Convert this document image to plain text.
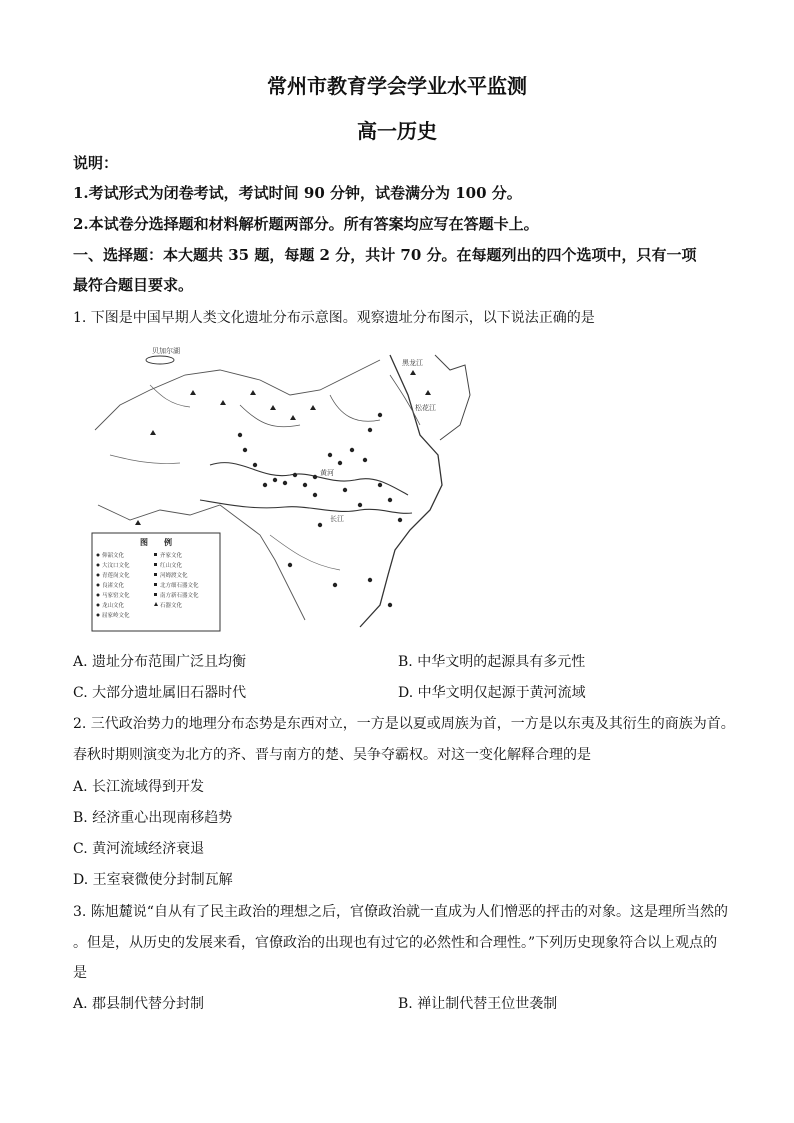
常州市教育学会学业水平监测
高一历史
说明：
1.考试形式为闭卷考试，考试时间 90 分钟，试卷满分为 100 分。
2.本试卷分选择题和材料解析题两部分。所有答案均应写在答题卡上。
一、选择题：本大题共 35 题，每题 2 分，共计 70 分。在每题列出的四个选项中，只有一项
最符合题目要求。
1. 下图是中国早期人类文化遗址分布示意图。观察遗址分布图示，以下说法正确的是
贝加尔湖
黑龙江
松花江
长江
黄河
图　　例
仰韶文化
大汶口文化
青莲岗文化
良渚文化
马家窑文化
龙山文化
屈家岭文化
齐家文化
红山文化
河姆渡文化
北方细石器文化
南方新石器文化
石器文化
A. 遗址分布范围广泛且均衡	B. 中华文明的起源具有多元性
C. 大部分遗址属旧石器时代	D. 中华文明仅起源于黄河流域
2. 三代政治势力的地理分布态势是东西对立，一方是以夏或周族为首，一方是以东夷及其衍生的商族为首。
春秋时期则演变为北方的齐、晋与南方的楚、吴争夺霸权。对这一变化解释合理的是
A. 长江流域得到开发
B. 经济重心出现南移趋势
C. 黄河流域经济衰退
D. 王室衰微使分封制瓦解
3. 陈旭麓说“自从有了民主政治的理想之后，官僚政治就一直成为人们憎恶的抨击的对象。这是理所当然的
。但是，从历史的发展来看，官僚政治的出现也有过它的必然性和合理性。”下列历史现象符合以上观点的
是
A. 郡县制代替分封制	B. 禅让制代替王位世袭制
